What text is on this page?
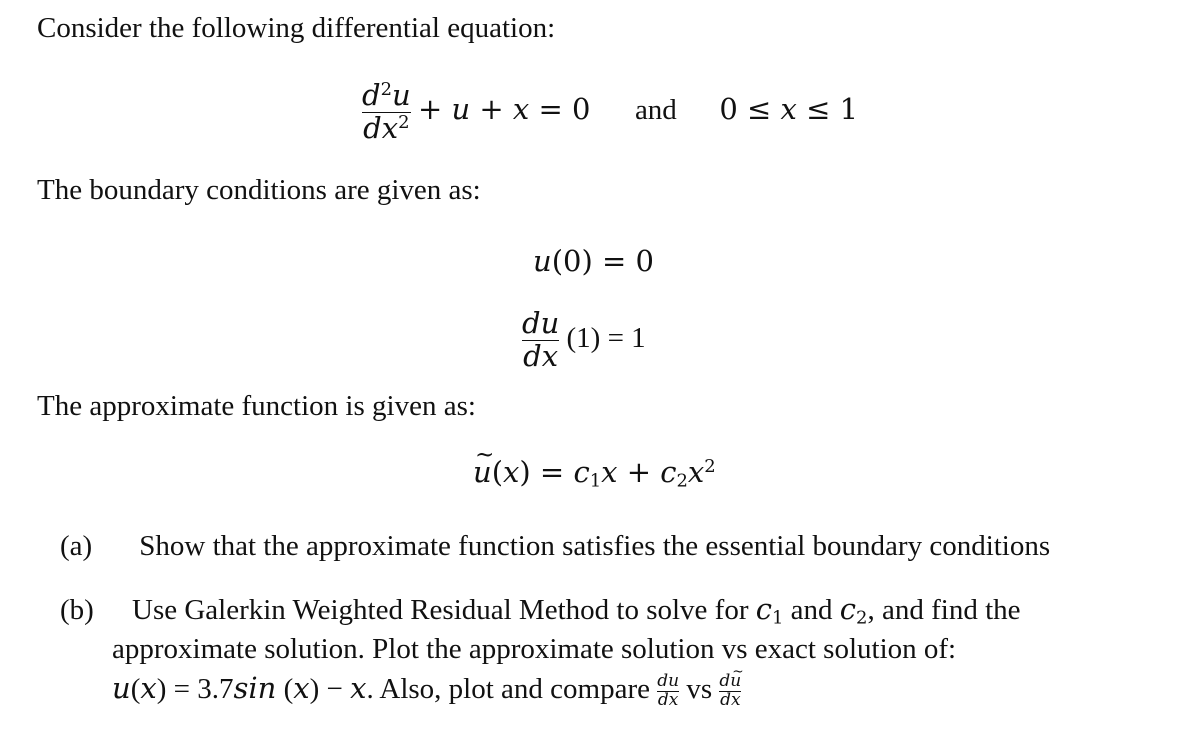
Consider the following differential equation:
$\frac{d^2u}{dx^2} + u + x = 0$ and 0 ≤ x ≤ 1
The boundary conditions are given as:
u(0) = 0
$\frac{du}{dx} (1) = 1$
The approximate function is given as:
~ $u(x) = c_1x + c_2x^2$
(a) Show that the approximate function satisfies the essential boundary conditions
(b) Use Galerkin Weighted Residual Method to solve for $c_1$ and $c_2$, and find the
approximate solution. Plot the approximate solution vs exact solution of:
u(x) = 3.7sin (x) − x. Also, plot and compare $\frac{du}{dx}$ vs $\frac{d\sim u}{dx}$
